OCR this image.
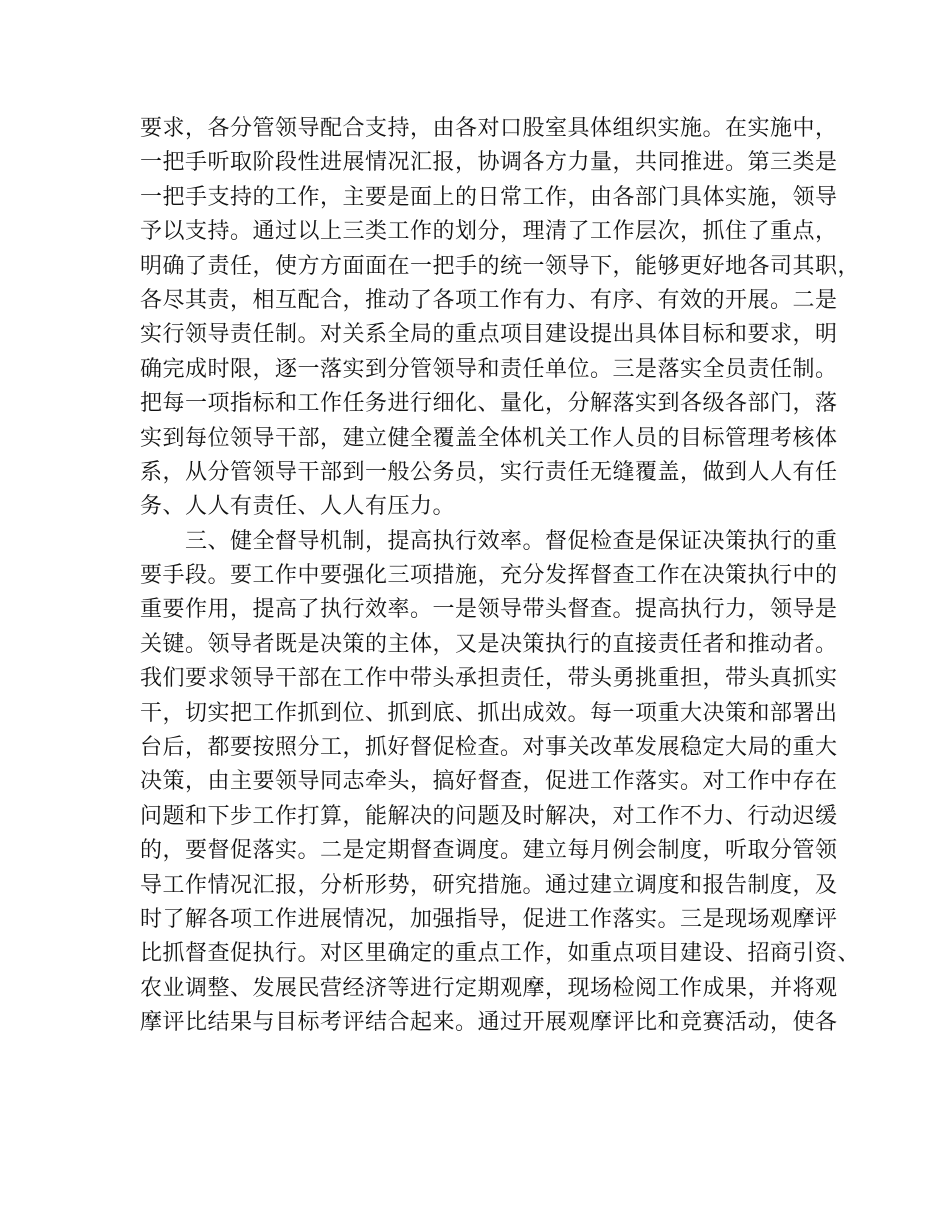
要求，各分管领导配合支持，由各对口股室具体组织实施。在实施中，
一把手听取阶段性进展情况汇报，协调各方力量，共同推进。第三类是
一把手支持的工作，主要是面上的日常工作，由各部门具体实施，领导
予以支持。通过以上三类工作的划分，理清了工作层次，抓住了重点，
明确了责任，使方方面面在一把手的统一领导下，能够更好地各司其职，
各尽其责，相互配合，推动了各项工作有力、有序、有效的开展。二是
实行领导责任制。对关系全局的重点项目建设提出具体目标和要求，明
确完成时限，逐一落实到分管领导和责任单位。三是落实全员责任制。
把每一项指标和工作任务进行细化、量化，分解落实到各级各部门，落
实到每位领导干部，建立健全覆盖全体机关工作人员的目标管理考核体
系，从分管领导干部到一般公务员，实行责任无缝覆盖，做到人人有任
务、人人有责任、人人有压力。
　　三、健全督导机制，提高执行效率。督促检查是保证决策执行的重
要手段。要工作中要强化三项措施，充分发挥督查工作在决策执行中的
重要作用，提高了执行效率。一是领导带头督查。提高执行力，领导是
关键。领导者既是决策的主体，又是决策执行的直接责任者和推动者。
我们要求领导干部在工作中带头承担责任，带头勇挑重担，带头真抓实
干，切实把工作抓到位、抓到底、抓出成效。每一项重大决策和部署出
台后，都要按照分工，抓好督促检查。对事关改革发展稳定大局的重大
决策，由主要领导同志牵头，搞好督查，促进工作落实。对工作中存在
问题和下步工作打算，能解决的问题及时解决，对工作不力、行动迟缓
的，要督促落实。二是定期督查调度。建立每月例会制度，听取分管领
导工作情况汇报，分析形势，研究措施。通过建立调度和报告制度，及
时了解各项工作进展情况，加强指导，促进工作落实。三是现场观摩评
比抓督查促执行。对区里确定的重点工作，如重点项目建设、招商引资、
农业调整、发展民营经济等进行定期观摩，现场检阅工作成果，并将观
摩评比结果与目标考评结合起来。通过开展观摩评比和竞赛活动，使各
